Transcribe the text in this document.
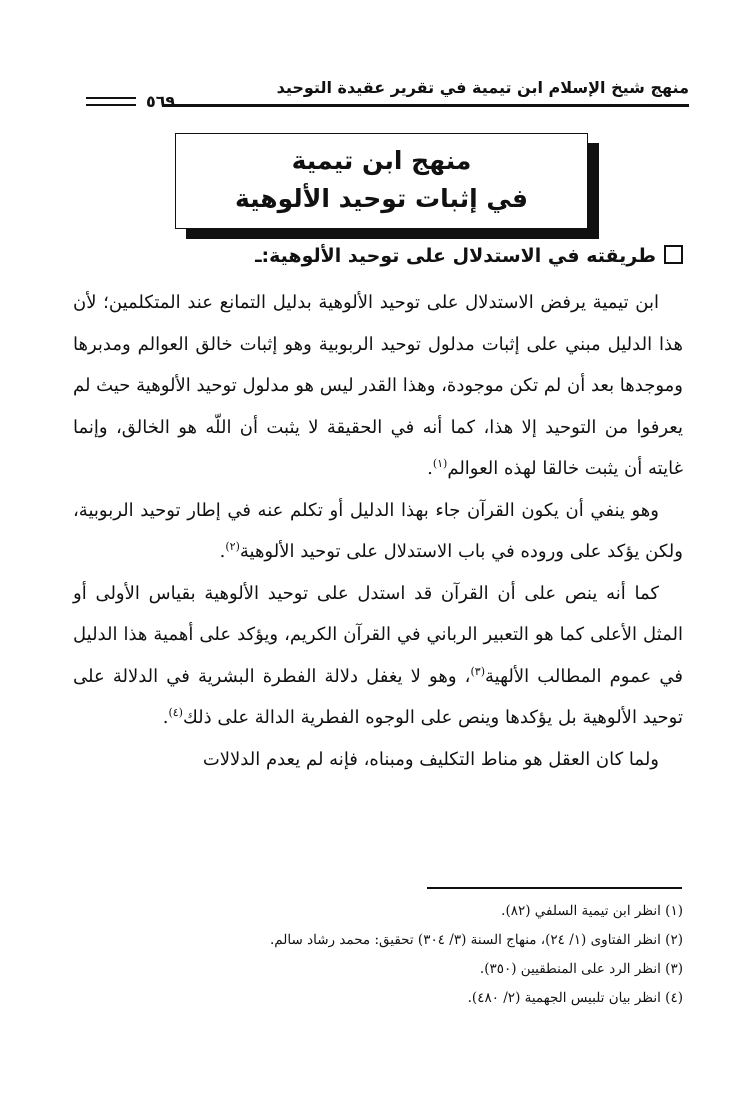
منهج شيخ الإسلام ابن تيمية في تقرير عقيدة التوحيد
٥٦٩
منهج ابن تيمية
في إثبات توحيد الألوهية
طريقته في الاستدلال على توحيد الألوهية:ـ

ابن تيمية يرفض الاستدلال على توحيد الألوهية بدليل التمانع عند المتكلمين؛ لأن هذا الدليل مبني على إثبات مدلول توحيد الربوبية وهو إثبات خالق العوالم ومدبرها وموجدها بعد أن لم تكن موجودة، وهذا القدر ليس هو مدلول توحيد الألوهية حيث لم يعرفوا من التوحيد إلا هذا، كما أنه في الحقيقة لا يثبت أن اللّه هو الخالق، وإنما غايته أن يثبت خالقا لهذه العوالم$^{(١)}$.

وهو ينفي أن يكون القرآن جاء بهذا الدليل أو تكلم عنه في إطار توحيد الربوبية، ولكن يؤكد على وروده في باب الاستدلال على توحيد الألوهية$^{(٢)}$.

كما أنه ينص على أن القرآن قد استدل على توحيد الألوهية بقياس الأولى أو المثل الأعلى كما هو التعبير الرباني في القرآن الكريم، ويؤكد على أهمية هذا الدليل في عموم المطالب الألهية$^{(٣)}$، وهو لا يغفل دلالة الفطرة البشرية في الدلالة على توحيد الألوهية بل يؤكدها وينص على الوجوه الفطرية الدالة على ذلك$^{(٤)}$.

ولما كان العقل هو مناط التكليف ومبناه، فإنه لم يعدم الدلالات

(١) انظر ابن تيمية السلفي (٨٢).

(٢) انظر الفتاوى (١/ ٢٤)، منهاج السنة (٣/ ٣٠٤) تحقيق: محمد رشاد سالم.

(٣) انظر الرد على المنطقيين (٣٥٠).

(٤) انظر بيان تلبيس الجهمية (٢/ ٤٨٠).
